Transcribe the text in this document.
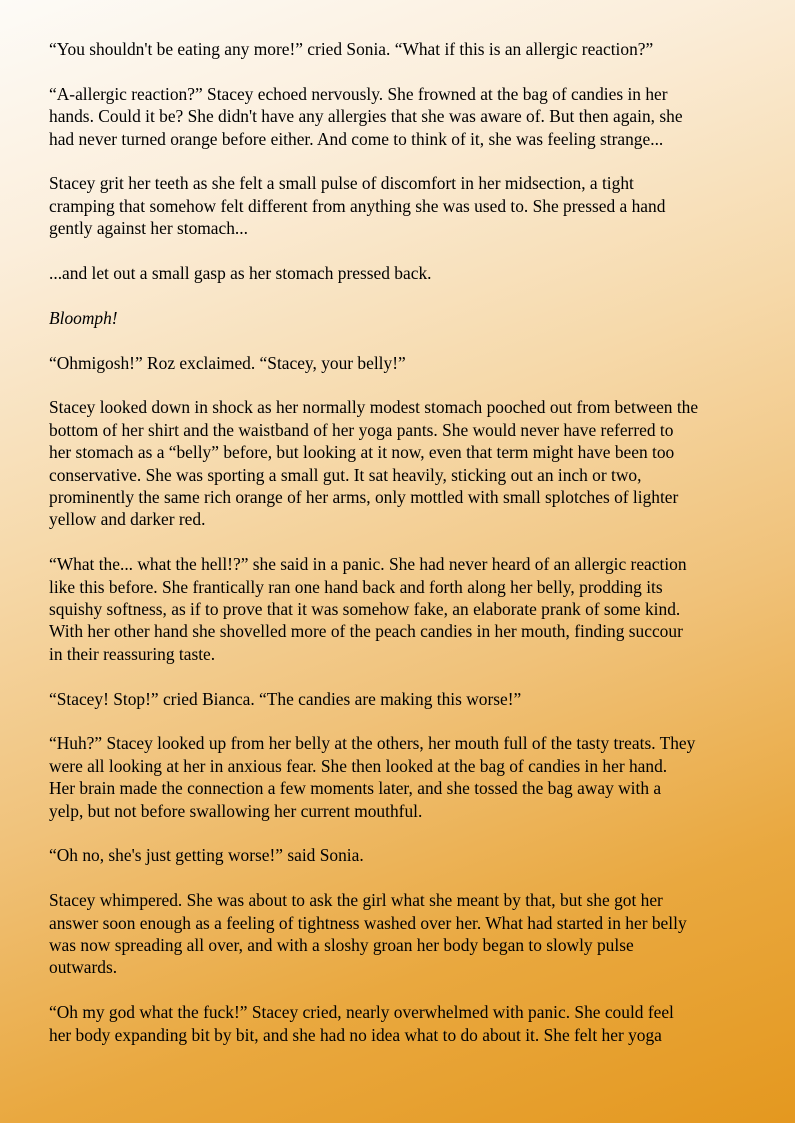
“You shouldn't be eating any more!” cried Sonia. “What if this is an allergic reaction?”

“A-allergic reaction?” Stacey echoed nervously. She frowned at the bag of candies in her
hands. Could it be? She didn't have any allergies that she was aware of. But then again, she
had never turned orange before either. And come to think of it, she was feeling strange...

Stacey grit her teeth as she felt a small pulse of discomfort in her midsection, a tight
cramping that somehow felt different from anything she was used to. She pressed a hand
gently against her stomach...

...and let out a small gasp as her stomach pressed back.

Bloomph!

“Ohmigosh!” Roz exclaimed. “Stacey, your belly!”

Stacey looked down in shock as her normally modest stomach pooched out from between the
bottom of her shirt and the waistband of her yoga pants. She would never have referred to
her stomach as a “belly” before, but looking at it now, even that term might have been too
conservative. She was sporting a small gut. It sat heavily, sticking out an inch or two,
prominently the same rich orange of her arms, only mottled with small splotches of lighter
yellow and darker red.

“What the... what the hell!?” she said in a panic. She had never heard of an allergic reaction
like this before. She frantically ran one hand back and forth along her belly, prodding its
squishy softness, as if to prove that it was somehow fake, an elaborate prank of some kind.
With her other hand she shovelled more of the peach candies in her mouth, finding succour
in their reassuring taste.

“Stacey! Stop!” cried Bianca. “The candies are making this worse!”

“Huh?” Stacey looked up from her belly at the others, her mouth full of the tasty treats. They
were all looking at her in anxious fear. She then looked at the bag of candies in her hand.
Her brain made the connection a few moments later, and she tossed the bag away with a
yelp, but not before swallowing her current mouthful.

“Oh no, she's just getting worse!” said Sonia.

Stacey whimpered. She was about to ask the girl what she meant by that, but she got her
answer soon enough as a feeling of tightness washed over her. What had started in her belly
was now spreading all over, and with a sloshy groan her body began to slowly pulse
outwards.

“Oh my god what the fuck!” Stacey cried, nearly overwhelmed with panic. She could feel
her body expanding bit by bit, and she had no idea what to do about it. She felt her yoga
